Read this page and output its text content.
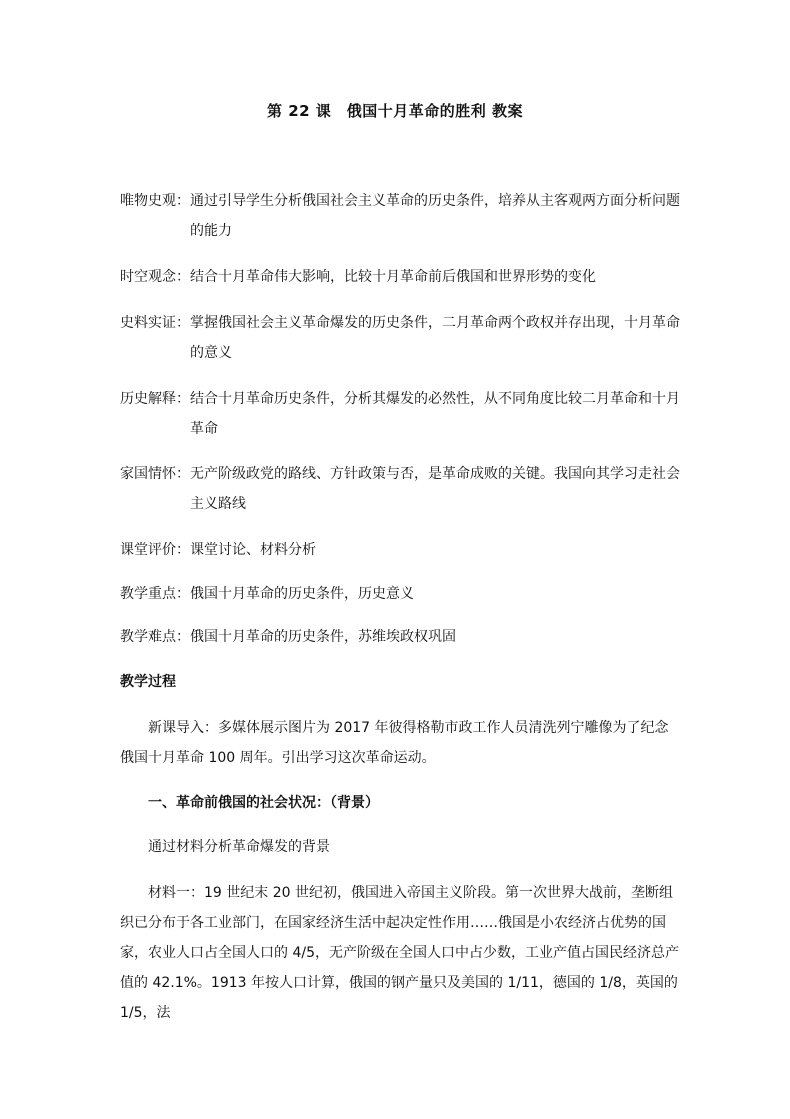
第 22 课　俄国十月革命的胜利 教案
唯物史观： 通过引导学生分析俄国社会主义革命的历史条件，培养从主客观两方面分析问题的能力
时空观念： 结合十月革命伟大影响，比较十月革命前后俄国和世界形势的变化
史料实证： 掌握俄国社会主义革命爆发的历史条件，二月革命两个政权并存出现，十月革命的意义
历史解释： 结合十月革命历史条件，分析其爆发的必然性，从不同角度比较二月革命和十月革命
家国情怀： 无产阶级政党的路线、方针政策与否，是革命成败的关键。我国向其学习走社会主义路线
课堂评价：课堂讨论、材料分析
教学重点：俄国十月革命的历史条件，历史意义
教学难点：俄国十月革命的历史条件，苏维埃政权巩固
教学过程
新课导入：多媒体展示图片为 2017 年彼得格勒市政工作人员清洗列宁雕像为了纪念俄国十月革命 100 周年。引出学习这次革命运动。
一、革命前俄国的社会状况：（背景）
通过材料分析革命爆发的背景
材料一：19 世纪末 20 世纪初，俄国进入帝国主义阶段。第一次世界大战前，垄断组织已分布于各工业部门，在国家经济生活中起决定性作用……俄国是小农经济占优势的国家，农业人口占全国人口的 4/5，无产阶级在全国人口中占少数，工业产值占国民经济总产值的 42.1%。1913 年按人口计算，俄国的钢产量只及美国的 1/11，德国的 1/8，英国的 1/5，法
